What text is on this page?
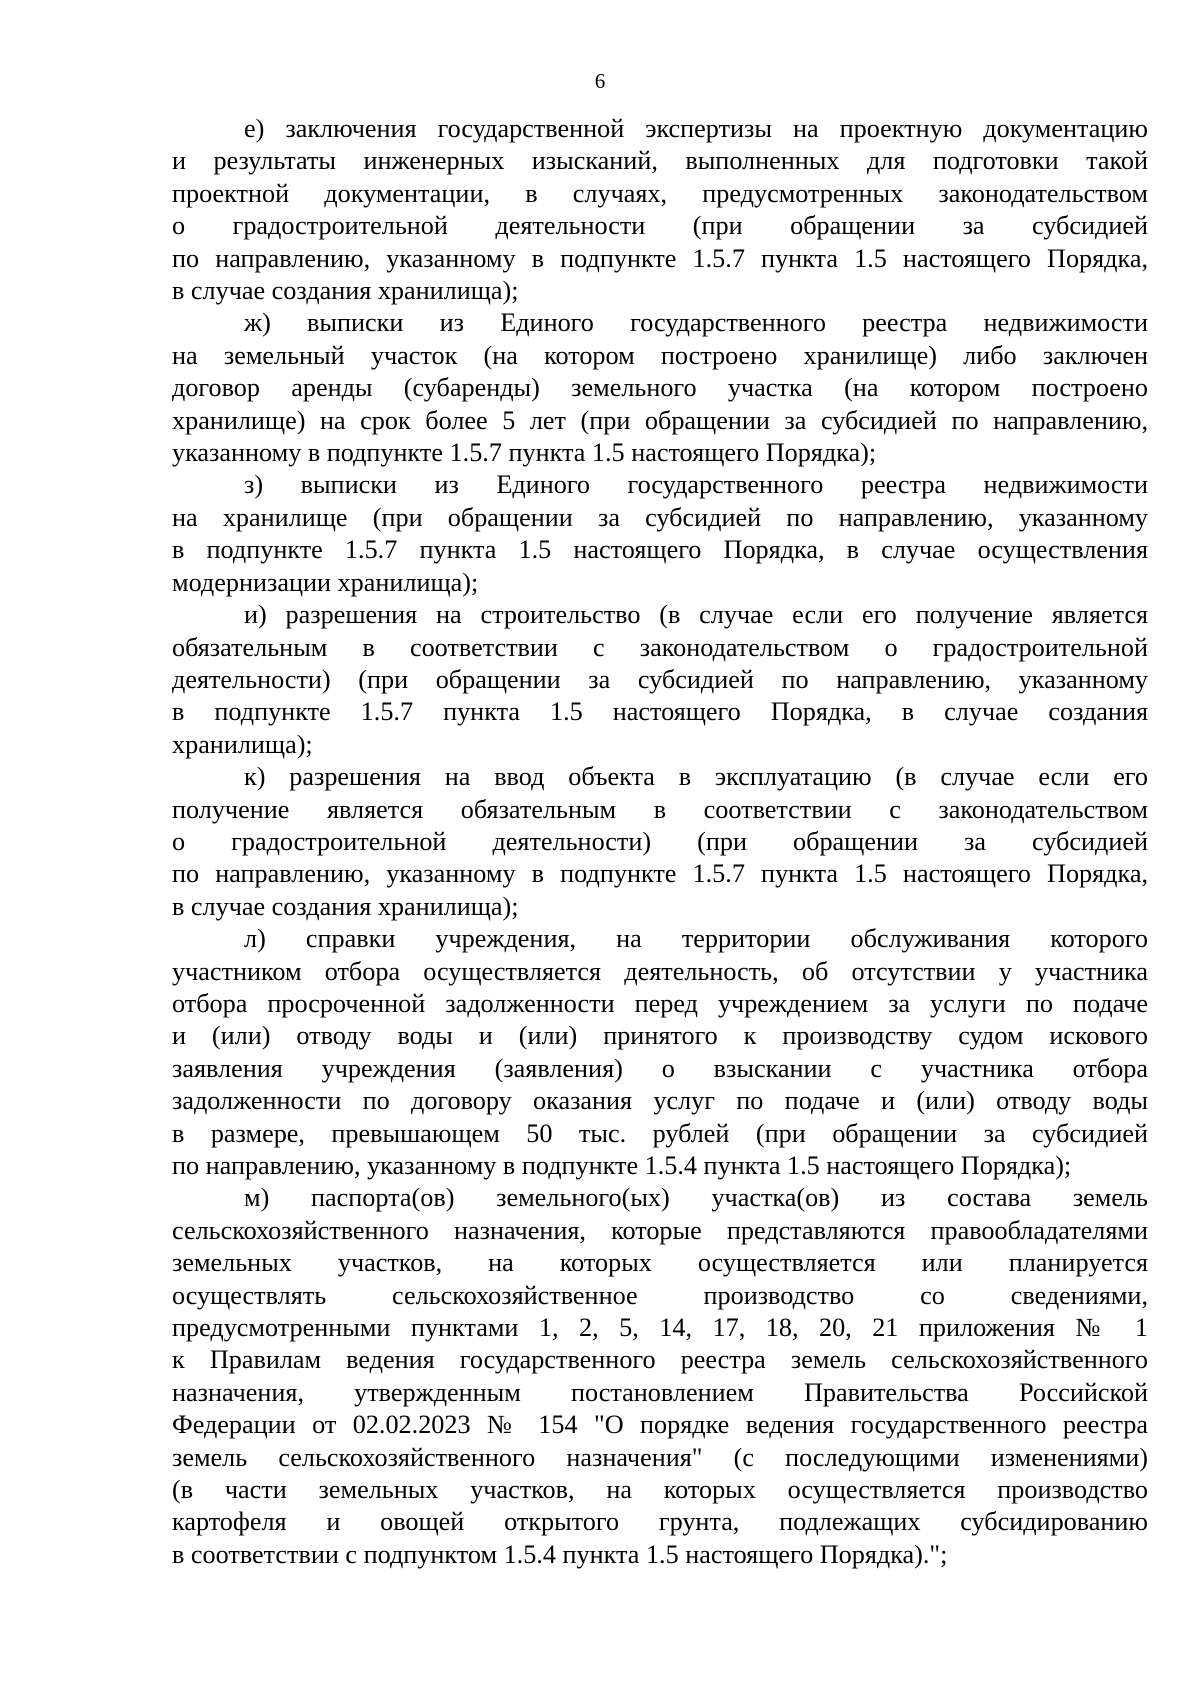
6
е) заключения государственной экспертизы на проектную документацию
и результаты инженерных изысканий, выполненных для подготовки такой
проектной документации, в случаях, предусмотренных законодательством
о градостроительной деятельности (при обращении за субсидией
по направлению, указанному в подпункте 1.5.7 пункта 1.5 настоящего Порядка,
в случае создания хранилища);
ж) выписки из Единого государственного реестра недвижимости
на земельный участок (на котором построено хранилище) либо заключен
договор аренды (субаренды) земельного участка (на котором построено
хранилище) на срок более 5 лет (при обращении за субсидией по направлению,
указанному в подпункте 1.5.7 пункта 1.5 настоящего Порядка);
з) выписки из Единого государственного реестра недвижимости
на хранилище (при обращении за субсидией по направлению, указанному
в подпункте 1.5.7 пункта 1.5 настоящего Порядка, в случае осуществления
модернизации хранилища);
и) разрешения на строительство (в случае если его получение является
обязательным в соответствии с законодательством о градостроительной
деятельности) (при обращении за субсидией по направлению, указанному
в подпункте 1.5.7 пункта 1.5 настоящего Порядка, в случае создания
хранилища);
к) разрешения на ввод объекта в эксплуатацию (в случае если его
получение является обязательным в соответствии с законодательством
о градостроительной деятельности) (при обращении за субсидией
по направлению, указанному в подпункте 1.5.7 пункта 1.5 настоящего Порядка,
в случае создания хранилища);
л) справки учреждения, на территории обслуживания которого
участником отбора осуществляется деятельность, об отсутствии у участника
отбора просроченной задолженности перед учреждением за услуги по подаче
и (или) отводу воды и (или) принятого к производству судом искового
заявления учреждения (заявления) о взыскании с участника отбора
задолженности по договору оказания услуг по подаче и (или) отводу воды
в размере, превышающем 50 тыс. рублей (при обращении за субсидией
по направлению, указанному в подпункте 1.5.4 пункта 1.5 настоящего Порядка);
м) паспорта(ов) земельного(ых) участка(ов) из состава земель
сельскохозяйственного назначения, которые представляются правообладателями
земельных участков, на которых осуществляется или планируется
осуществлять сельскохозяйственное производство со сведениями,
предусмотренными пунктами 1, 2, 5, 14, 17, 18, 20, 21 приложения № 1
к Правилам ведения государственного реестра земель сельскохозяйственного
назначения, утвержденным постановлением Правительства Российской
Федерации от 02.02.2023 № 154 "О порядке ведения государственного реестра
земель сельскохозяйственного назначения" (с последующими изменениями)
(в части земельных участков, на которых осуществляется производство
картофеля и овощей открытого грунта, подлежащих субсидированию
в соответствии с подпунктом 1.5.4 пункта 1.5 настоящего Порядка).";
